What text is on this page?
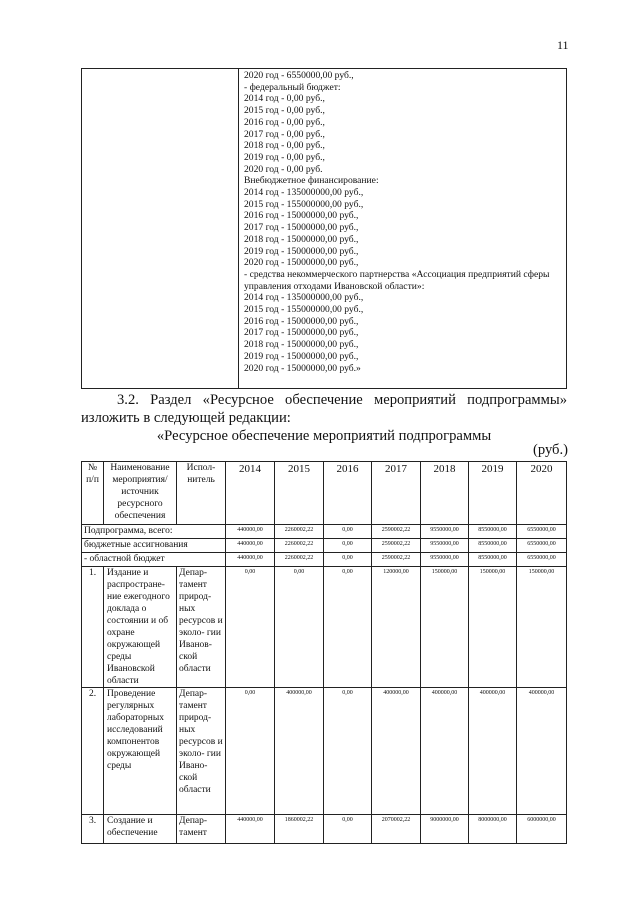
11
2020 год - 6550000,00 руб.,
- федеральный бюджет:
2014 год - 0,00 руб.,
2015 год - 0,00 руб.,
2016 год - 0,00 руб.,
2017 год - 0,00 руб.,
2018 год - 0,00 руб.,
2019 год - 0,00 руб.,
2020 год - 0,00 руб.
Внебюджетное финансирование:
2014 год - 135000000,00 руб.,
2015 год - 155000000,00 руб.,
2016 год - 15000000,00 руб.,
2017 год - 15000000,00 руб.,
2018 год - 15000000,00 руб.,
2019 год - 15000000,00 руб.,
2020 год - 15000000,00 руб.,
- средства некоммерческого партнерства «Ассоциация предприятий сферы управления отходами Ивановской области»:
2014 год - 135000000,00 руб.,
2015 год - 155000000,00 руб.,
2016 год - 15000000,00 руб.,
2017 год - 15000000,00 руб.,
2018 год - 15000000,00 руб.,
2019 год - 15000000,00 руб.,
2020 год - 15000000,00 руб.»
3.2. Раздел «Ресурсное обеспечение мероприятий подпрограммы» изложить в следующей редакции:
«Ресурсное обеспечение мероприятий подпрограммы
(руб.)
№ п/п	Наименование мероприятия/ источник ресурсного обеспечения	Испол- нитель	2014	2015	2016	2017	2018	2019	2020
Подпрограмма, всего:			440000,00	2260002,22	0,00	2590002,22	9550000,00	8550000,00	6550000,00
бюджетные ассигнования			440000,00	2260002,22	0,00	2590002,22	9550000,00	8550000,00	6550000,00
- областной бюджет			440000,00	2260002,22	0,00	2590002,22	9550000,00	8550000,00	6550000,00
1.	Издание и распростране- ние ежегодного доклада о состоянии и об охране окружающей среды Ивановской области	Депар- тамент природ- ных ресурсов и эколо- гии Иванов- ской области	0,00	0,00	0,00	120000,00	150000,00	150000,00	150000,00
2.	Проведение регулярных лабораторных исследований компонентов окружающей среды	Депар- тамент природ- ных ресурсов и эколо- гии Ивано- ской области	0,00	400000,00	0,00	400000,00	400000,00	400000,00	400000,00
3.	Создание и обеспечение	Депар- тамент	440000,00	1860002,22	0,00	2070002,22	9000000,00	8000000,00	6000000,00
